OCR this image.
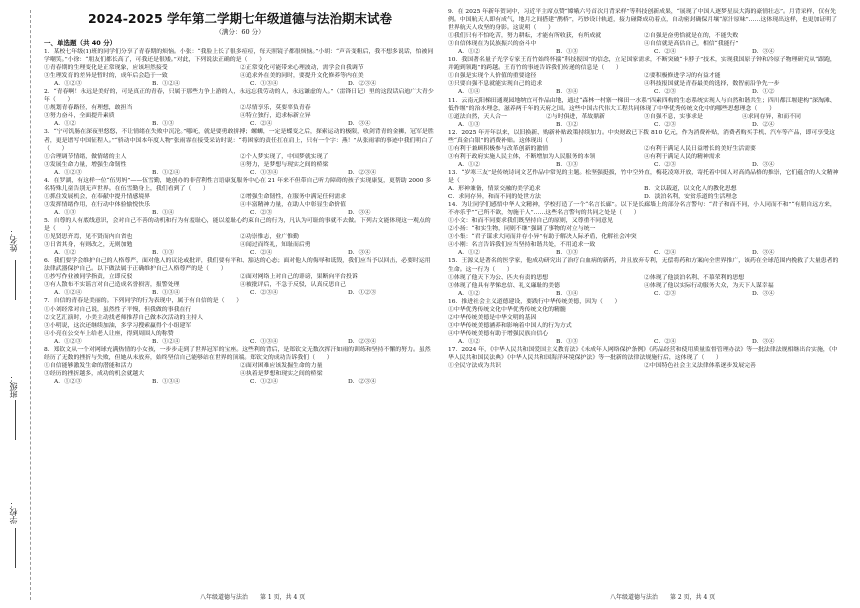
姓名：
班级：
学校：
2024-2025 学年第二学期七年级道德与法治期末试卷
（满分：60 分）
一、单选题（共 40 分）

1．某校七年级(1)班的同学们分享了青春期的烦恼。小张：“我脸上长了很多痘痘，每天照镜子都很烦恼。”小胡：“声音变粗后，我不想多说话，怕被同学嘲笑。”小徐：“朋友们都长高了，可我还是很矮。”对此，下列说法正确的是（　　）

①青春期的生理变化是正常现象，应该坦然接受	②正常变化可能带来心理波动，需学会自我调节
③生理发育的差异是暂时的，成年后会趋于一致	④追求外在美的同时，要提升文化修养等内在美
A．①②③	B．①②④	C．①③④	D．②③④

2．“青春啊！永远是美好的，可是真正的青春，只属于那些力争上游的人，永远忘我劳动的人，永远谦虚的人。”（雷锋日记）里的这段话启迪广大青少年（　　）

①规划青春路径，有理想，敢担当	②尽情享乐，莫要辜负青春
③努力奋斗，全面提升素质	④特立独行，追求标新立异
A．①②	B．①③	C．②④	D．③④

3．“宁可饥肠在深夜里悠悠，不让情绪在失败中沉沦。”哪吒，就是要勇敢拼搏；螺蛳，一定是蝶变之后，探索运动的极限，收剑背青的金狮，冠军是胜者，更是谱写中国征程人。”“骄动中国本年度人物”张雨霏在接受采访时说：“将困家的责任扛在肩上，只有一个字：燕！”从张雨霏的事迹中我们明白了（　　）

①合理调节情绪，做情绪的主人	②个人梦实现了，中国梦就实现了
③发展生命力量，增强生命韧性	④努力，是梦想与现实之间的桥梁
A．①②③	B．①②④	C．①③④	D．②③④

4．在罗湖，有这样一位“伍男妈”——伍雪勤，她创办的非营利性言语康复服务中心在 21 年来不但带自己听力障碍的孩子实现康复，更帮助 2000 多名特殊儿童告别无声世界。在伍雪勤身上，我们看到了（　　）

①抓住发展机会，在奉献中提升情感境界	②增强生命韧性，在服务中满足任何需求
③发挥情绪作用，在行动中体验愉悦快乐	④丰富精神力量，在助人中彰显生命价值
A．①③	B．①④	C．②③	D．③④

5．自尊的人有底线意识，会对自己不善的动机和行为有羞耻心，能以羞耻心约束自己的行为，凡认为可耻的事就不去做。下列古文能体现这一观点的是（　　）

①见贤思齐焉，见不贤而内自省也	②功崇惟志，业广惟勤
③日省其身，有则改之，无则加勉	④闻过而终礼，知耻而后勇
A．①②	B．①③	C．②④	D．③④

6．我们要学会维护自己的人格尊严，面对他人的议论或批评，我们要有平和、豁达的心态；面对他人的侮辱和诋毁，我们应当予以回击，必要时运用法律武器保护自己。以下做法属于正确维护自己人格尊严的是（　　）

①抄写作业被同学指责，立即反驳	②面对网络上对自己的诽谤，果断向平台投诉
③有人散布不实谣言对自己造成名誉损害，报警处理	④被批评后，不急于反驳，认真反思自己
A．①②④	B．①③④	C．②③④	D．①②③

7．自信的青春是美丽的。下列同学的行为表现中，属于有自信的是（　　）

①小刘经常对自己说，虽然性子平慢，但我做的事我在行
②文艺汇演时，小美主动找老师推荐自己做本次活动的主持人
③小明说，这次还继续加油，多学习搜索赢得个小组建军
④小亮在公交车上给老人让座，得到周围人的称赞
A．①②③	B．①②④	C．①③④	D．②③④

8．郑钦文从一个对网球充满热情的小女孩，一步步走到了世界冠军的宝座。这些利的背后，是郑钦文无数次挥汗如雨的训练和坚持不懈的努力。虽然经历了无数的挫折与失败，但她从未放弃，始终坚信自己能够站在世界的顶端。郑钦文的成功告诉我们（　　）

①自信能够激发生命的潜能和活力	②面对困难应该发掘生命的力量
③经历的挫折越多，成功的机会就越大	④执着是梦想和现实之间的桥梁
A．①②③	B．①③④	C．①②④	D．②③④

9．在 2025 年新年贺词中，习近平主席点赞“嫦娥六号首次月背采样”等科技创新成果，“展现了中国人逐梦星辰大海的豪情壮志”。月背采样，仅有先例。中国航天人即有成气，地月之间搭建“鹊桥”，巧妙设计轨道，接力碰降成功着点，自动密封确保月壤“原汁原味”……这体现出这样，也更加证明了世界航天人攻坚的身影。这说明（　　）

①我们只有不怕吃苦，努力耕耘，才能有所收获，有所成就	②自强是奋勇恰就是在的，不能失败
③自信体现在为民族振兴的奋斗中	④自信就是高估自己，相信“我能行”
A．①②	B．①③	C．②④	D．③④

10．我国著名量子光学专家王育竹始终怀揣“科技报国”的信念，立足国家需求，不断突破“卡脖子”技术，实现我国原子钟和冷原子物理研究从“跟跑，并跑到领跑”的跨越。王育竹的事迹告诉我们传递的信息是（　　）

①自强是实现个人价值的重要途径	②要积极修进学习的有益才能
③只要自强不息就能实现自己的追求	④科技报国就是青春最美的选择，数智前沿争先一步
A．①④	B．③④	C．②③	D．①②

11．云南元阳梯田通观园地纳宜可作品由地，通过“森林一村寨一梯田一水系”四素四构的生态系统实现人与自然和谐共生；四川都江堰建构“深淘滩、低作堰”的治水理念，滋养两千年的天府之国。这些中国古代伟大工程共同体现了中华优秀传统文化中的哪些思想理念（　　）

①道法自然，天人合一	②与时俱进，革故鼎新	③自强不息，实事求是	④求同存异，和而不同
A．①③	B．①②	C．②③	D．②④

12．2025 年开年以来，以旧换新、购新补贴政策持续加力。中央财政已下拨 810 亿元，作为消费补贴，消费者购买手机、汽车等产品，即可享受这些“真金白银”的消费补贴。这体现出（　　）

①有利于兼顾积极参与改革创新的激情	②有利于满足人民日益增长的美好生活需要
③有利于政府实施人民主体，不断增加为人民服务的本领	④有利于满足人民的精神需求
A．①②	B．①③	C．②③	D．③④

13．“岁寒三友”是传统诗词文艺作品中常见的主题。松坚强挺拔，竹中空外直，梅花凌寒开放，寄托着中国人对高尚品格的推崇，它们蕴含的人文精神是（　　）

A．形神兼备，情景交融的美学追求	B．文以载道，以文化人的教化思想
C．求同存异，和而不同的处世方法	D．淡泊名利，安贫乐道的生活理念

14．为让同学们感悟中华人文精神，学校打造了一个“名言长廊”。以下是长廊墙上的部分名言警句：“君子和而不同，小人同而不和”“有朋自远方来，不亦乐乎”“己所不欲，勿施于人”……这些名言警句的共同之处是（　　）

①小文：和而不同要求我们既坚持自己的原则，又尊重不同意见
②小扬：“和实生物，同则不继”强调了事物的对立与统一
③小集：“君子谋求大同而并存小异”有助于解决人际矛盾，化解社会冲突
④小刚：名言告诉我们应当坚持和谐共处，不用追求一致
A．①②	B．①③	C．②④	D．③④

15．王源义是著名的医学家，他成功研究出了治疗白血病的新药，并且放弃专利，无偿将药和方案向全世界推广，该药在全球范围内挽救了大量患者的生命。这一行为（　　）

①体现了他天下为公、匹夫有责的思想	②体现了他淡泊名利、不慕荣利的思想
③体现了他具有孝悌忠信、礼义廉耻的美德	④体现了他以实际行动服务大众，为天下人谋幸福
A．①②	B．①④	C．②③	D．③④

16．推进社会主义道德建设，要践行中华传统美德，因为（　　）

①中华优秀传统文化中华优秀传统文化的精髓
②中华传统美德是中华文明的基因
③中华传统美德涵养和影响着中国人的行为方式
④中华传统美德有助于增强民族自信心
A．①②	B．①③	C．②④	D．③④

17．2024 年，《中华人民共和国爱国主义教育法》《未成年人网络保护条例》《药品经营和使用质量监督管理办法》等一批法律法规相继出台实施，《中华人民共和国民法典》《中华人民共和国海洋环境保护法》等一批新的法律法规施行后，这体现了（　　）

①全民守法成为共识	②中国特色社会主义法律体系逐步发展完善
八年级道德与法治　　第 1 页，共 4 页	八年级道德与法治　　第 2 页，共 4 页
